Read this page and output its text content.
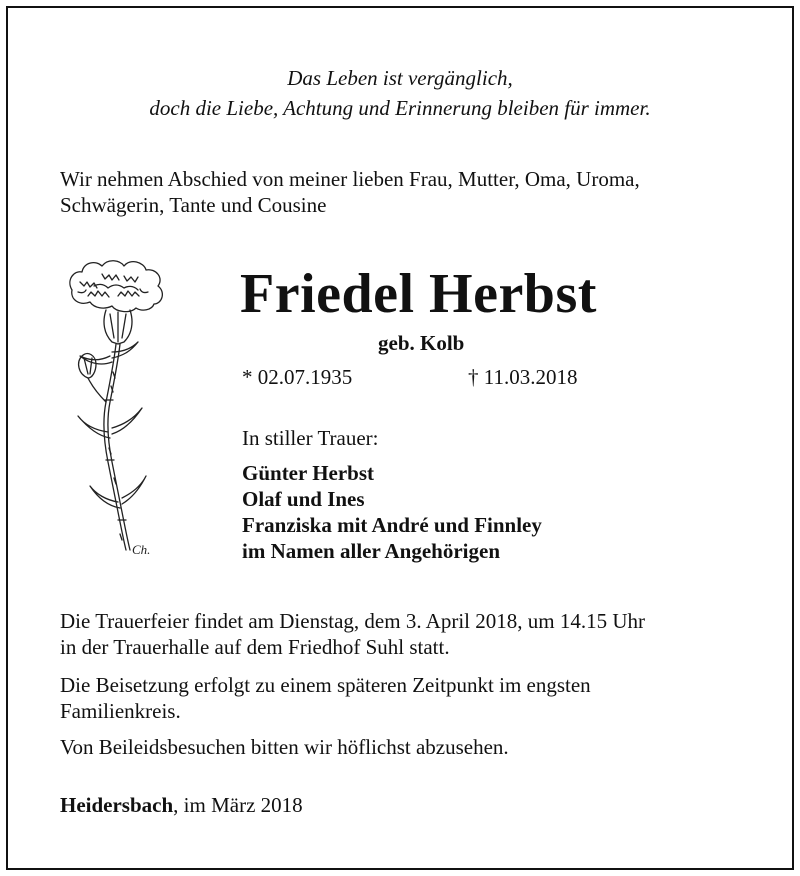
Das Leben ist vergänglich,
doch die Liebe, Achtung und Erinnerung bleiben für immer.
Wir nehmen Abschied von meiner lieben Frau, Mutter, Oma, Uroma,
Schwägerin, Tante und Cousine
Ch.
Friedel Herbst
geb. Kolb
* 02.07.1935	† 11.03.2018
In stiller Trauer:
Günter Herbst
Olaf und Ines
Franziska mit André und Finnley
im Namen aller Angehörigen
Die Trauerfeier findet am Dienstag, dem 3. April 2018, um 14.15 Uhr
in der Trauerhalle auf dem Friedhof Suhl statt.
Die Beisetzung erfolgt zu einem späteren Zeitpunkt im engsten
Familienkreis.
Von Beileidsbesuchen bitten wir höflichst abzusehen.
Heidersbach, im März 2018
